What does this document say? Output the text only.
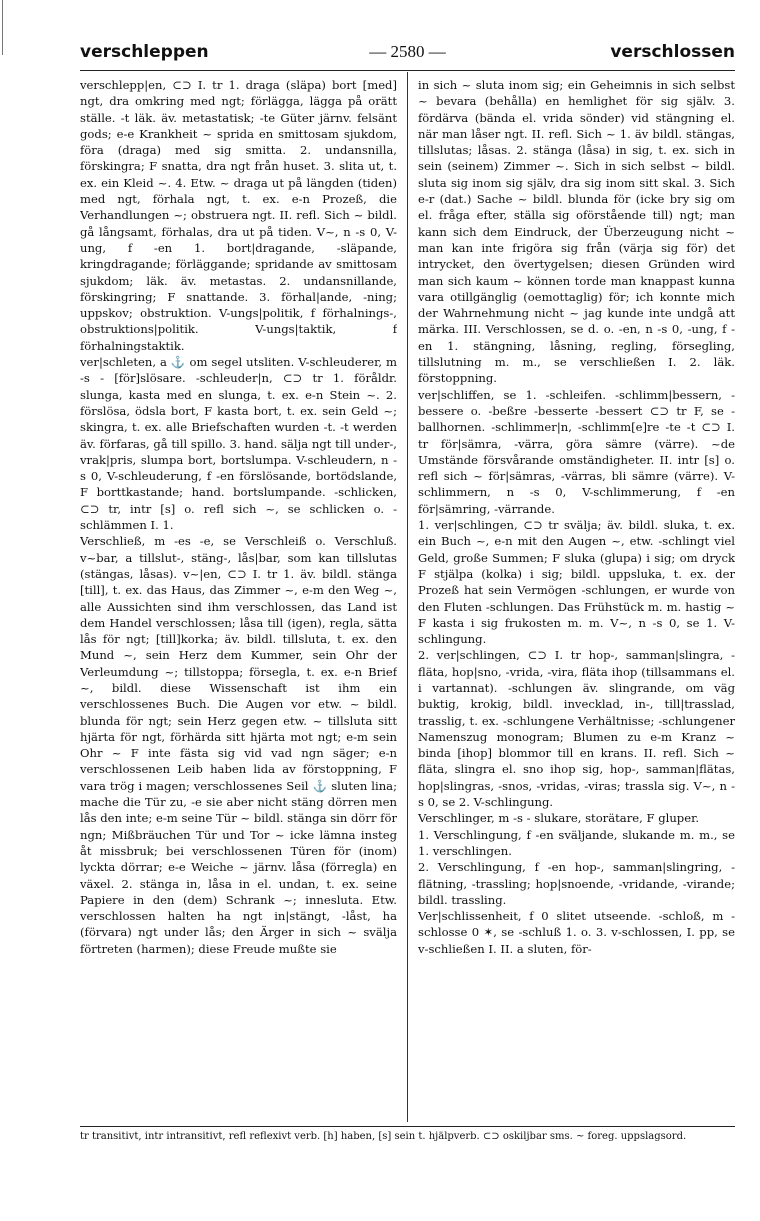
verschleppen	— 2580 —	verschlossen

verschlepp|en, ⊂⊃ I. tr 1. draga (släpa) bort [med] ngt, dra omkring med ngt; förlägga, lägga på orätt ställe. -t läk. äv. metastatisk; -te Güter järnv. felsänt gods; e-e Krankheit ~ sprida en smittosam sjukdom, föra (draga) med sig smitta. 2. undansnilla, förskingra; F snatta, dra ngt från huset. 3. slita ut, t. ex. ein Kleid ~. 4. Etw. ~ draga ut på längden (tiden) med ngt, förhala ngt, t. ex. e-n Prozeß, die Verhandlungen ~; obstruera ngt. II. refl. Sich ~ bildl. gå långsamt, förhalas, dra ut på tiden. V~, n -s 0, V-ung, f -en 1. bort|dragande, -släpande, kringdragande; förläggande; spridande av smittosam sjukdom; läk. äv. metastas. 2. undansnillande, förskingring; F snattande. 3. förhal|ande, -ning; uppskov; obstruktion. V-ungs|politik, f förhalnings-, obstruktions|politik. V-ungs|taktik, f förhalningstaktik.

ver|schleten, a ⚓ om segel utsliten. V-schleuderer, m -s - [för]slösare. -schleuder|n, ⊂⊃ tr 1. föråldr. slunga, kasta med en slunga, t. ex. e-n Stein ~. 2. förslösa, ödsla bort, F kasta bort, t. ex. sein Geld ~; skingra, t. ex. alle Briefschaften wurden -t. -t werden äv. förfaras, gå till spillo. 3. hand. sälja ngt till under-, vrak|pris, slumpa bort, bortslumpa. V-schleudern, n -s 0, V-schleuderung, f -en förslösande, bortödslande, F borttkastande; hand. bortslumpande. -schlicken, ⊂⊃ tr, intr [s] o. refl sich ~, se schlicken o. -schlämmen I. 1.

Verschließ, m -es -e, se Verschleiß o. Verschluß. v~bar, a tillslut-, stäng-, lås|bar, som kan tillslutas (stängas, låsas). v~|en, ⊂⊃ I. tr 1. äv. bildl. stänga [till], t. ex. das Haus, das Zimmer ~, e-m den Weg ~, alle Aussichten sind ihm verschlossen, das Land ist dem Handel verschlossen; låsa till (igen), regla, sätta lås för ngt; [till]korka; äv. bildl. tillsluta, t. ex. den Mund ~, sein Herz dem Kummer, sein Ohr der Verleumdung ~; tillstoppa; försegla, t. ex. e-n Brief ~, bildl. diese Wissenschaft ist ihm ein verschlossenes Buch. Die Augen vor etw. ~ bildl. blunda för ngt; sein Herz gegen etw. ~ tillsluta sitt hjärta för ngt, förhärda sitt hjärta mot ngt; e-m sein Ohr ~ F inte fästa sig vid vad ngn säger; e-n verschlossenen Leib haben lida av förstoppning, F vara trög i magen; verschlossenes Seil ⚓ sluten lina; mache die Tür zu, -e sie aber nicht stäng dörren men lås den inte; e-m seine Tür ~ bildl. stänga sin dörr för ngn; Mißbräuchen Tür und Tor ~ icke lämna insteg åt missbruk; bei verschlossenen Türen för (inom) lyckta dörrar; e-e Weiche ~ järnv. låsa (förregla) en växel. 2. stänga in, låsa in el. undan, t. ex. seine Papiere in den (dem) Schrank ~; innesluta. Etw. verschlossen halten ha ngt in|stängt, -låst, ha (förvara) ngt under lås; den Ärger in sich ~ svälja förtreten (harmen); diese Freude mußte sie

in sich ~ sluta inom sig; ein Geheimnis in sich selbst ~ bevara (behålla) en hemlighet för sig själv. 3. fördärva (bända el. vrida sönder) vid stängning el. när man låser ngt. II. refl. Sich ~ 1. äv bildl. stängas, tillslutas; låsas. 2. stänga (låsa) in sig, t. ex. sich in sein (seinem) Zimmer ~. Sich in sich selbst ~ bildl. sluta sig inom sig själv, dra sig inom sitt skal. 3. Sich e-r (dat.) Sache ~ bildl. blunda för (icke bry sig om el. fråga efter, ställa sig oförstående till) ngt; man kann sich dem Eindruck, der Überzeugung nicht ~ man kan inte frigöra sig från (värja sig för) det intrycket, den övertygelsen; diesen Gründen wird man sich kaum ~ können torde man knappast kunna vara otillgänglig (oemottaglig) för; ich konnte mich der Wahrnehmung nicht ~ jag kunde inte undgå att märka. III. Verschlossen, se d. o. -en, n -s 0, -ung, f -en 1. stängning, låsning, regling, försegling, tillslutning m. m., se verschließen I. 2. läk. förstoppning.

ver|schliffen, se 1. -schleifen. -schlimm|bessern, -bessere o. -beßre -besserte -bessert ⊂⊃ tr F, se -ballhornen. -schlimmer|n, -schlimm[e]re -te -t ⊂⊃ I. tr för|sämra, -värra, göra sämre (värre). ~de Umstände försvårande omständigheter. II. intr [s] o. refl sich ~ för|sämras, -värras, bli sämre (värre). V-schlimmern, n -s 0, V-schlimmerung, f -en för|sämring, -värrande.

1. ver|schlingen, ⊂⊃ tr svälja; äv. bildl. sluka, t. ex. ein Buch ~, e-n mit den Augen ~, etw. -schlingt viel Geld, große Summen; F sluka (glupa) i sig; om dryck F stjälpa (kolka) i sig; bildl. uppsluka, t. ex. der Prozeß hat sein Vermögen -schlungen, er wurde von den Fluten -schlungen. Das Frühstück m. m. hastig ~ F kasta i sig frukosten m. m. V~, n -s 0, se 1. V-schlingung.

2. ver|schlingen, ⊂⊃ I. tr hop-, samman|slingra, -fläta, hop|sno, -vrida, -vira, fläta ihop (tillsammans el. i vartannat). -schlungen äv. slingrande, om väg buktig, krokig, bildl. invecklad, in-, till|trasslad, trasslig, t. ex. -schlungene Verhältnisse; -schlungener Namenszug monogram; Blumen zu e-m Kranz ~ binda [ihop] blommor till en krans. II. refl. Sich ~ fläta, slingra el. sno ihop sig, hop-, samman|flätas, hop|slingras, -snos, -vridas, -viras; trassla sig. V~, n -s 0, se 2. V-schlingung.

Verschlinger, m -s - slukare, storätare, F gluper.

1. Verschlingung, f -en sväljande, slukande m. m., se 1. verschlingen.

2. Verschlingung, f -en hop-, samman|slingring, -flätning, -trassling; hop|snoende, -vridande, -virande; bildl. trassling.

Ver|schlissenheit, f 0 slitet utseende. -schloß, m -schlosse 0 ✶, se -schluß 1. o. 3. v-schlossen, I. pp, se v-schließen I. II. a sluten, för-

tr transitivt, intr intransitivt, refl reflexivt verb. [h] haben, [s] sein t. hjälpverb. ⊂⊃ oskiljbar sms. ~ foreg. uppslagsord.
